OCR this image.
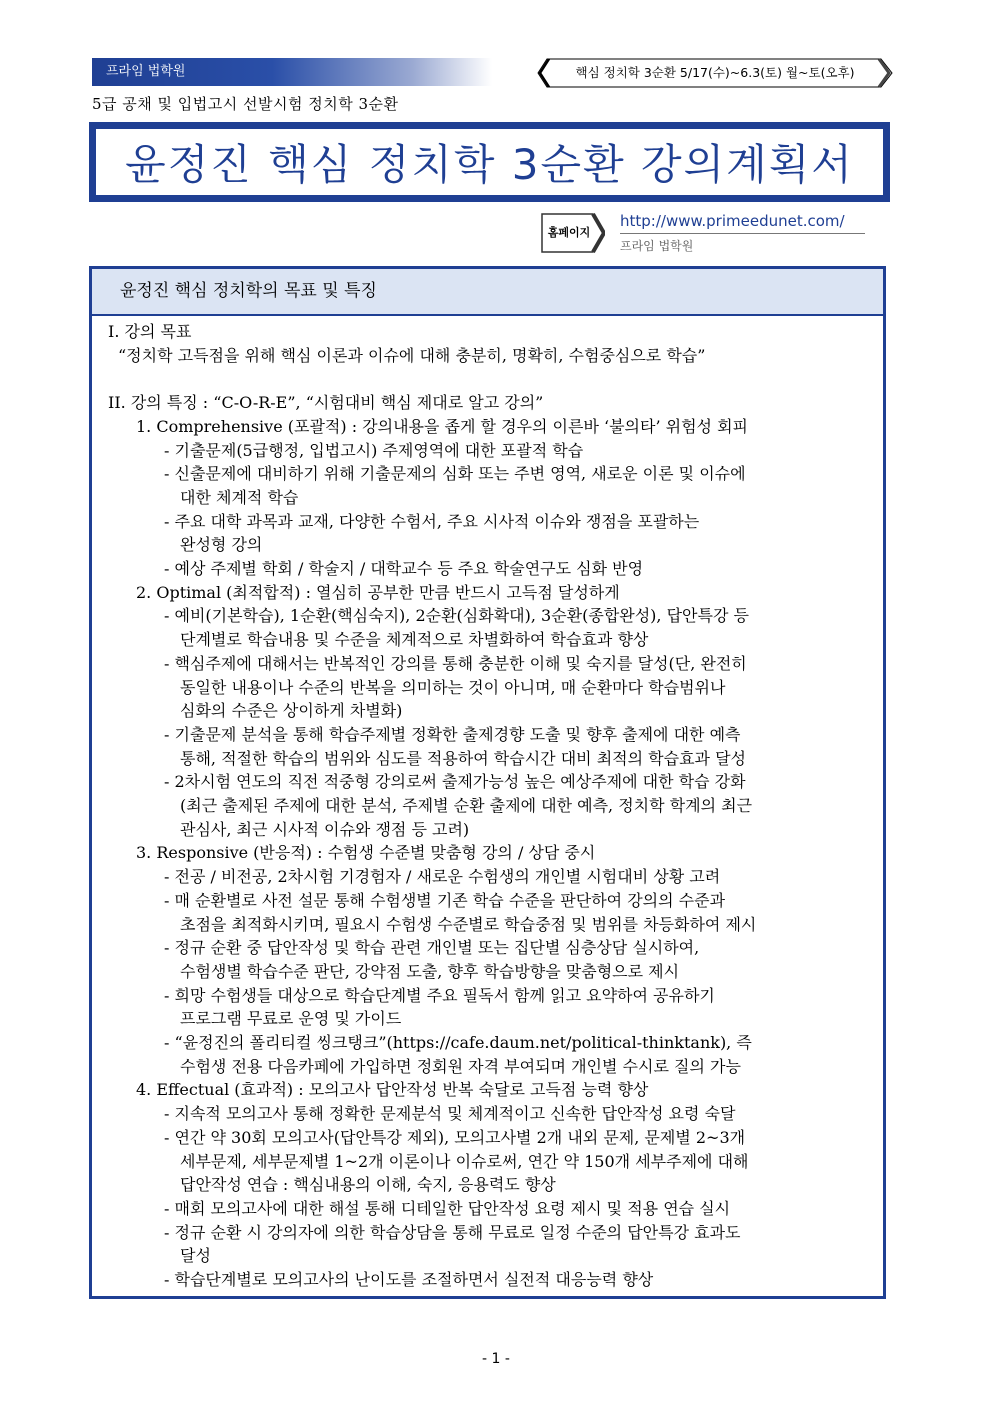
프라임 법학원	핵심 정치학 3순환 5/17(수)~6.3(토) 월~토(오후)
5급 공채 및 입법고시 선발시험 정치학 3순환
윤정진 핵심 정치학 3순환 강의계획서
홈페이지
http://www.primeedunet.com/
프라임 법학원
윤정진 핵심 정치학의 목표 및 특징

I. 강의 목표

“정치학 고득점을 위해 핵심 이론과 이슈에 대해 충분히, 명확히, 수험중심으로 학습”

II. 강의 특징 : “C-O-R-E”, “시험대비 핵심 제대로 알고 강의”

1. Comprehensive (포괄적) : 강의내용을 좁게 할 경우의 이른바 ‘불의타’ 위험성 회피

- 기출문제(5급행정, 입법고시) 주제영역에 대한 포괄적 학습

- 신출문제에 대비하기 위해 기출문제의 심화 또는 주변 영역, 새로운 이론 및 이슈에

대한 체계적 학습

- 주요 대학 과목과 교재, 다양한 수험서, 주요 시사적 이슈와 쟁점을 포괄하는

완성형 강의

- 예상 주제별 학회 / 학술지 / 대학교수 등 주요 학술연구도 심화 반영

2. Optimal (최적합적) : 열심히 공부한 만큼 반드시 고득점 달성하게

- 예비(기본학습), 1순환(핵심숙지), 2순환(심화확대), 3순환(종합완성), 답안특강 등

단계별로 학습내용 및 수준을 체계적으로 차별화하여 학습효과 향상

- 핵심주제에 대해서는 반복적인 강의를 통해 충분한 이해 및 숙지를 달성(단, 완전히

동일한 내용이나 수준의 반복을 의미하는 것이 아니며, 매 순환마다 학습범위나

심화의 수준은 상이하게 차별화)

- 기출문제 분석을 통해 학습주제별 정확한 출제경향 도출 및 향후 출제에 대한 예측

통해, 적절한 학습의 범위와 심도를 적용하여 학습시간 대비 최적의 학습효과 달성

- 2차시험 연도의 직전 적중형 강의로써 출제가능성 높은 예상주제에 대한 학습 강화

(최근 출제된 주제에 대한 분석, 주제별 순환 출제에 대한 예측, 정치학 학계의 최근

관심사, 최근 시사적 이슈와 쟁점 등 고려)

3. Responsive (반응적) : 수험생 수준별 맞춤형 강의 / 상담 중시

- 전공 / 비전공, 2차시험 기경험자 / 새로운 수험생의 개인별 시험대비 상황 고려

- 매 순환별로 사전 설문 통해 수험생별 기존 학습 수준을 판단하여 강의의 수준과

초점을 최적화시키며, 필요시 수험생 수준별로 학습중점 및 범위를 차등화하여 제시

- 정규 순환 중 답안작성 및 학습 관련 개인별 또는 집단별 심층상담 실시하여,

수험생별 학습수준 판단, 강약점 도출, 향후 학습방향을 맞춤형으로 제시

- 희망 수험생들 대상으로 학습단계별 주요 필독서 함께 읽고 요약하여 공유하기

프로그램 무료로 운영 및 가이드

- “윤정진의 폴리티컬 씽크탱크”(https://cafe.daum.net/political-thinktank), 즉

수험생 전용 다음카페에 가입하면 정회원 자격 부여되며 개인별 수시로 질의 가능

4. Effectual (효과적) : 모의고사 답안작성 반복 숙달로 고득점 능력 향상

- 지속적 모의고사 통해 정확한 문제분석 및 체계적이고 신속한 답안작성 요령 숙달

- 연간 약 30회 모의고사(답안특강 제외), 모의고사별 2개 내외 문제, 문제별 2~3개

세부문제, 세부문제별 1~2개 이론이나 이슈로써, 연간 약 150개 세부주제에 대해

답안작성 연습 : 핵심내용의 이해, 숙지, 응용력도 향상

- 매회 모의고사에 대한 해설 통해 디테일한 답안작성 요령 제시 및 적용 연습 실시

- 정규 순환 시 강의자에 의한 학습상담을 통해 무료로 일정 수준의 답안특강 효과도

달성

- 학습단계별로 모의고사의 난이도를 조절하면서 실전적 대응능력 향상

- 1 -
